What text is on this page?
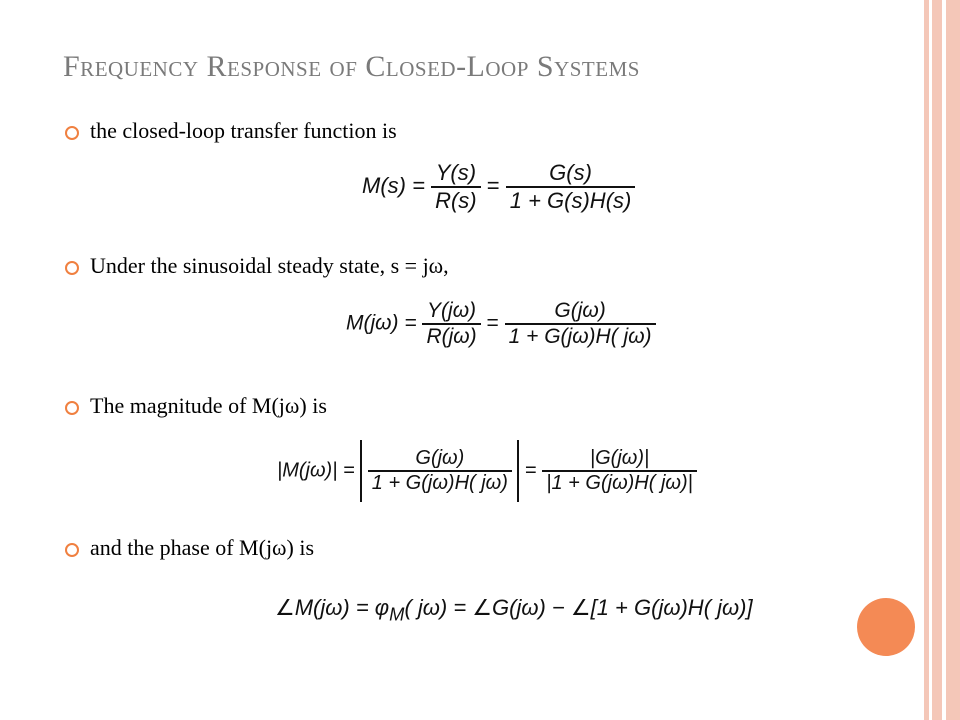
Frequency Response of Closed-Loop Systems
the closed-loop transfer function is
$M(s) = \frac{Y(s)}{R(s)} = \frac{G(s)}{1 + G(s)H(s)}$
Under the sinusoidal steady state, s = jω,
$M(j\omega) = \frac{Y(j\omega)}{R(j\omega)} = \frac{G(j\omega)}{1 + G(j\omega)H( j\omega)}$
The magnitude of M(jω) is
$|M(j\omega)| = \frac{G(j\omega)}{1 + G(j\omega)H( j\omega)} = \frac{|G(j\omega)|}{|1 + G(j\omega)H( j\omega)|}$
and the phase of M(jω) is
∠M(jω) = $\varphi_M$( jω) = ∠G(jω) − ∠[1 + G(jω)H( jω)]
